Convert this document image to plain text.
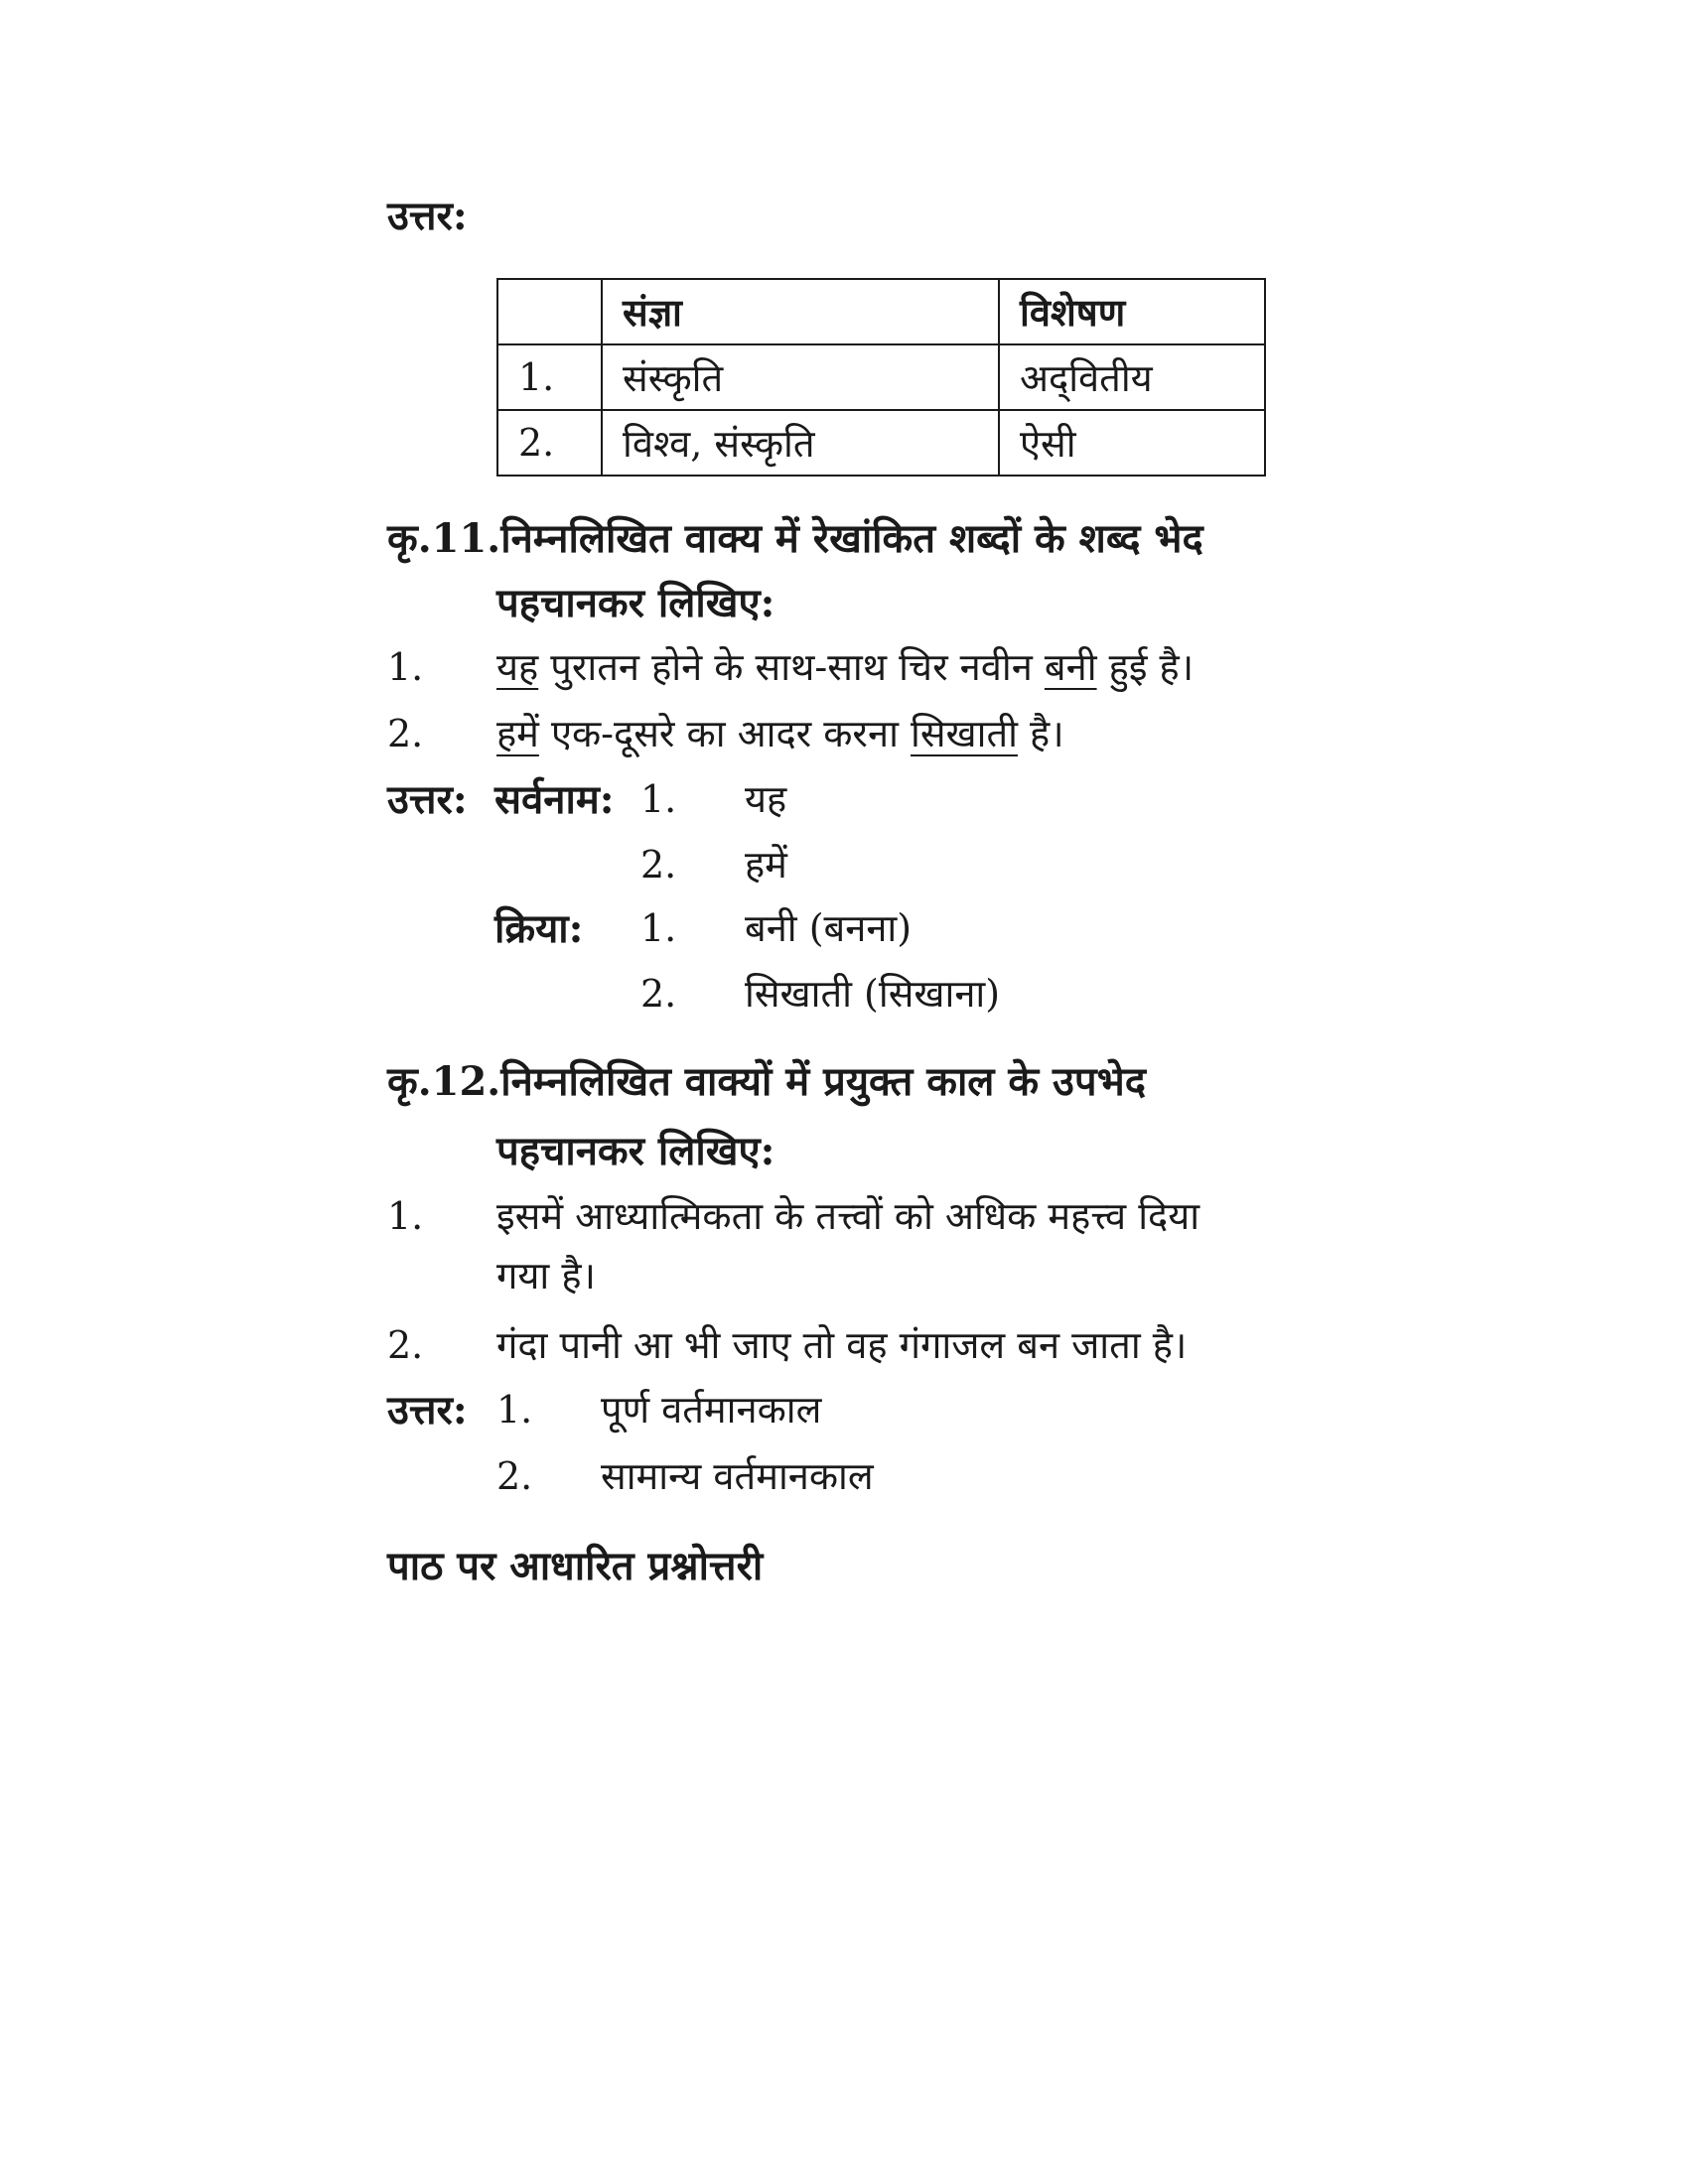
उत्तर:
	संज्ञा	विशेषण
1.	संस्कृति	अद्‌वितीय
2.	विश्व, संस्कृति	ऐसी
कृ.11.निम्नलिखित वाक्य में रेखांकित शब्दों के शब्द भेद
पहचानकर लिखिए:
1. यह पुरातन होने के साथ-साथ चिर नवीन बनी हुई है।
2. हमें एक-दूसरे का आदर करना सिखाती है।
उत्तर: सर्वनाम: 1. यह
2. हमें
क्रिया: 1. बनी (बनना)
2. सिखाती (सिखाना)
कृ.12.निम्नलिखित वाक्यों में प्रयुक्त काल के उपभेद
पहचानकर लिखिए:
1. इसमें आध्यात्मिकता के तत्त्वों को अधिक महत्त्व दिया
गया है।
2. गंदा पानी आ भी जाए तो वह गंगाजल बन जाता है।
उत्तर: 1. पूर्ण वर्तमानकाल
2. सामान्य वर्तमानकाल
पाठ पर आधारित प्रश्नोत्तरी
